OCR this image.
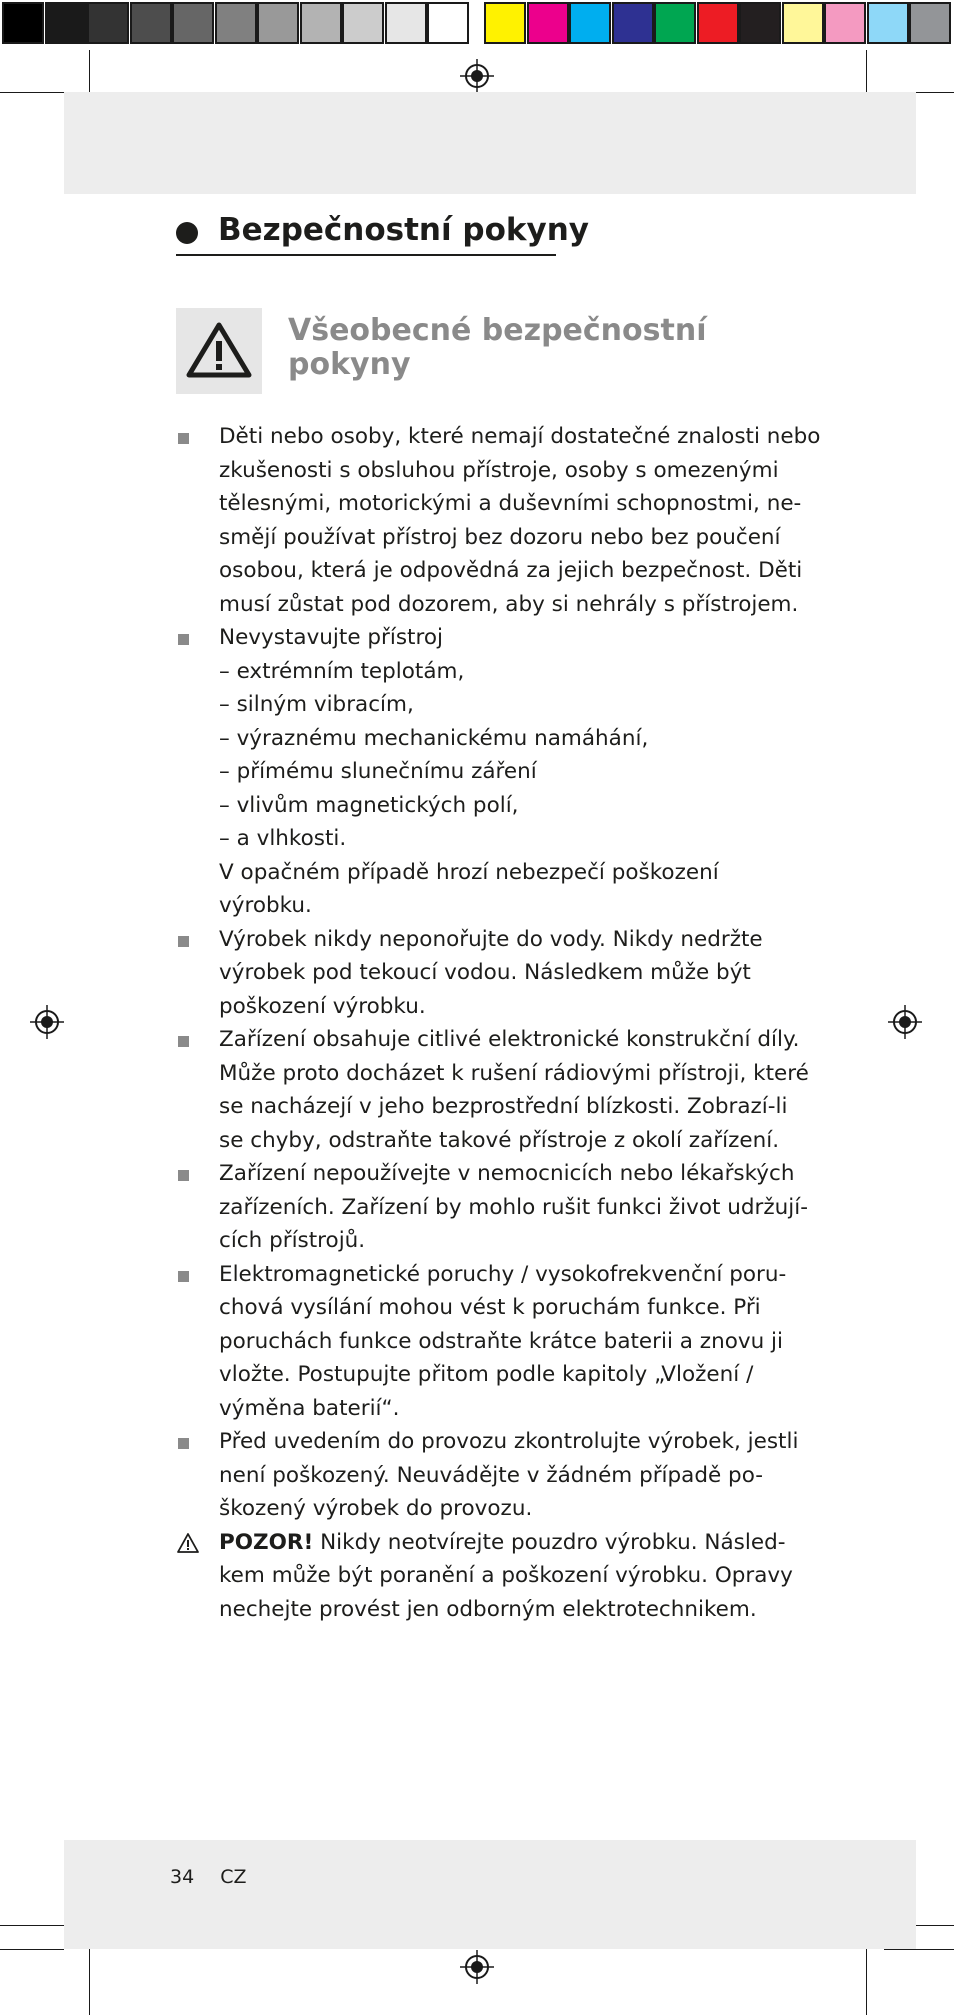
Bezpečnostní pokyny
Všeobecné bezpečnostní
pokyny
Děti nebo osoby, které nemají dostatečné znalosti nebo
zkušenosti s obsluhou přístroje, osoby s omezenými
tělesnými, motorickými a duševními schopnostmi, ne-
smějí používat přístroj bez dozoru nebo bez poučení
osobou, která je odpovědná za jejich bezpečnost. Děti
musí zůstat pod dozorem, aby si nehrály s přístrojem.
Nevystavujte přístroj
– extrémním teplotám,
– silným vibracím,
– výraznému mechanickému namáhání,
– přímému slunečnímu záření
– vlivům magnetických polí,
– a vlhkosti.
V opačném případě hrozí nebezpečí poškození
výrobku.
Výrobek nikdy neponořujte do vody. Nikdy nedržte
výrobek pod tekoucí vodou. Následkem může být
poškození výrobku.
Zařízení obsahuje citlivé elektronické konstrukční díly.
Může proto docházet k rušení rádiovými přístroji, které
se nacházejí v jeho bezprostřední blízkosti. Zobrazí-li
se chyby, odstraňte takové přístroje z okolí zařízení.
Zařízení nepoužívejte v nemocnicích nebo lékařských
zařízeních. Zařízení by mohlo rušit funkci život udržují-
cích přístrojů.
Elektromagnetické poruchy / vysokofrekvenční poru-
chová vysílání mohou vést k poruchám funkce. Při
poruchách funkce odstraňte krátce baterii a znovu ji
vložte. Postupujte přitom podle kapitoly „Vložení /
výměna baterií“.
Před uvedením do provozu zkontrolujte výrobek, jestli
není poškozený. Neuvádějte v žádném případě po-
škozený výrobek do provozu.
POZOR! Nikdy neotvírejte pouzdro výrobku. Násled-
kem může být poranění a poškození výrobku. Opravy
nechejte provést jen odborným elektrotechnikem.
34 CZ
